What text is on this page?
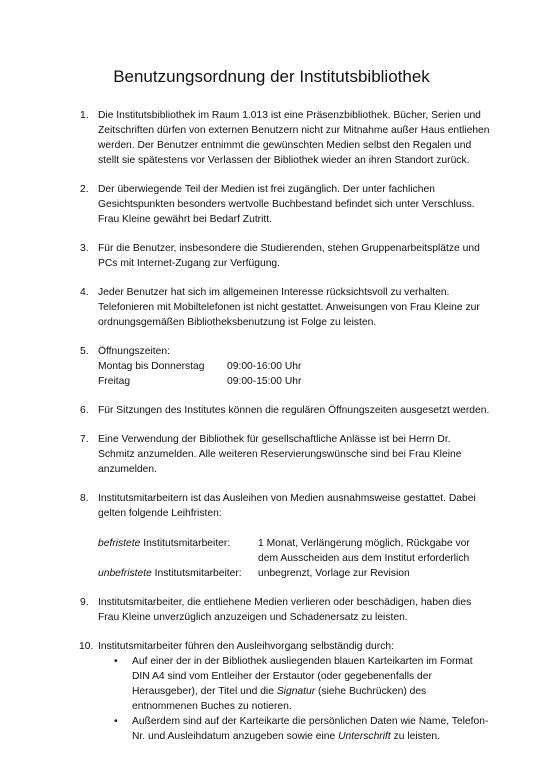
Benutzungsordnung der Institutsbibliothek
1. Die Institutsbibliothek im Raum 1.013 ist eine Präsenzbibliothek. Bücher, Serien und Zeitschriften dürfen von externen Benutzern nicht zur Mitnahme außer Haus entliehen werden. Der Benutzer entnimmt die gewünschten Medien selbst den Regalen und stellt sie spätestens vor Verlassen der Bibliothek wieder an ihren Standort zurück.
2. Der überwiegende Teil der Medien ist frei zugänglich. Der unter fachlichen Gesichtspunkten besonders wertvolle Buchbestand befindet sich unter Verschluss. Frau Kleine gewährt bei Bedarf Zutritt.
3. Für die Benutzer, insbesondere die Studierenden, stehen Gruppenarbeitsplätze und PCs mit Internet-Zugang zur Verfügung.
4. Jeder Benutzer hat sich im allgemeinen Interesse rücksichtsvoll zu verhalten. Telefonieren mit Mobiltelefonen ist nicht gestattet. Anweisungen von Frau Kleine zur ordnungsgemäßen Bibliotheksbenutzung ist Folge zu leisten.
5. Öffnungszeiten:
Montag bis Donnerstag	09:00-16:00 Uhr
Freitag	09:00-15:00 Uhr
6. Für Sitzungen des Institutes können die regulären Öffnungszeiten ausgesetzt werden.
7. Eine Verwendung der Bibliothek für gesellschaftliche Anlässe ist bei Herrn Dr. Schmitz anzumelden. Alle weiteren Reservierungswünsche sind bei Frau Kleine anzumelden.
8. Institutsmitarbeitern ist das Ausleihen von Medien ausnahmsweise gestattet. Dabei gelten folgende Leihfristen:
befristete Institutsmitarbeiter:	1 Monat, Verlängerung möglich, Rückgabe vor dem Ausscheiden aus dem Institut erforderlich
unbefristete Institutsmitarbeiter:	unbegrenzt, Vorlage zur Revision
9. Institutsmitarbeiter, die entliehene Medien verlieren oder beschädigen, haben dies Frau Kleine unverzüglich anzuzeigen und Schadenersatz zu leisten.
10. Institutsmitarbeiter führen den Ausleihvorgang selbständig durch:
• Auf einer der in der Bibliothek ausliegenden blauen Karteikarten im Format DIN A4 sind vom Entleiher der Erstautor (oder gegebenenfalls der Herausgeber), der Titel und die Signatur (siehe Buchrücken) des entnommenen Buches zu notieren.
• Außerdem sind auf der Karteikarte die persönlichen Daten wie Name, Telefon-Nr. und Ausleihdatum anzugeben sowie eine Unterschrift zu leisten.
